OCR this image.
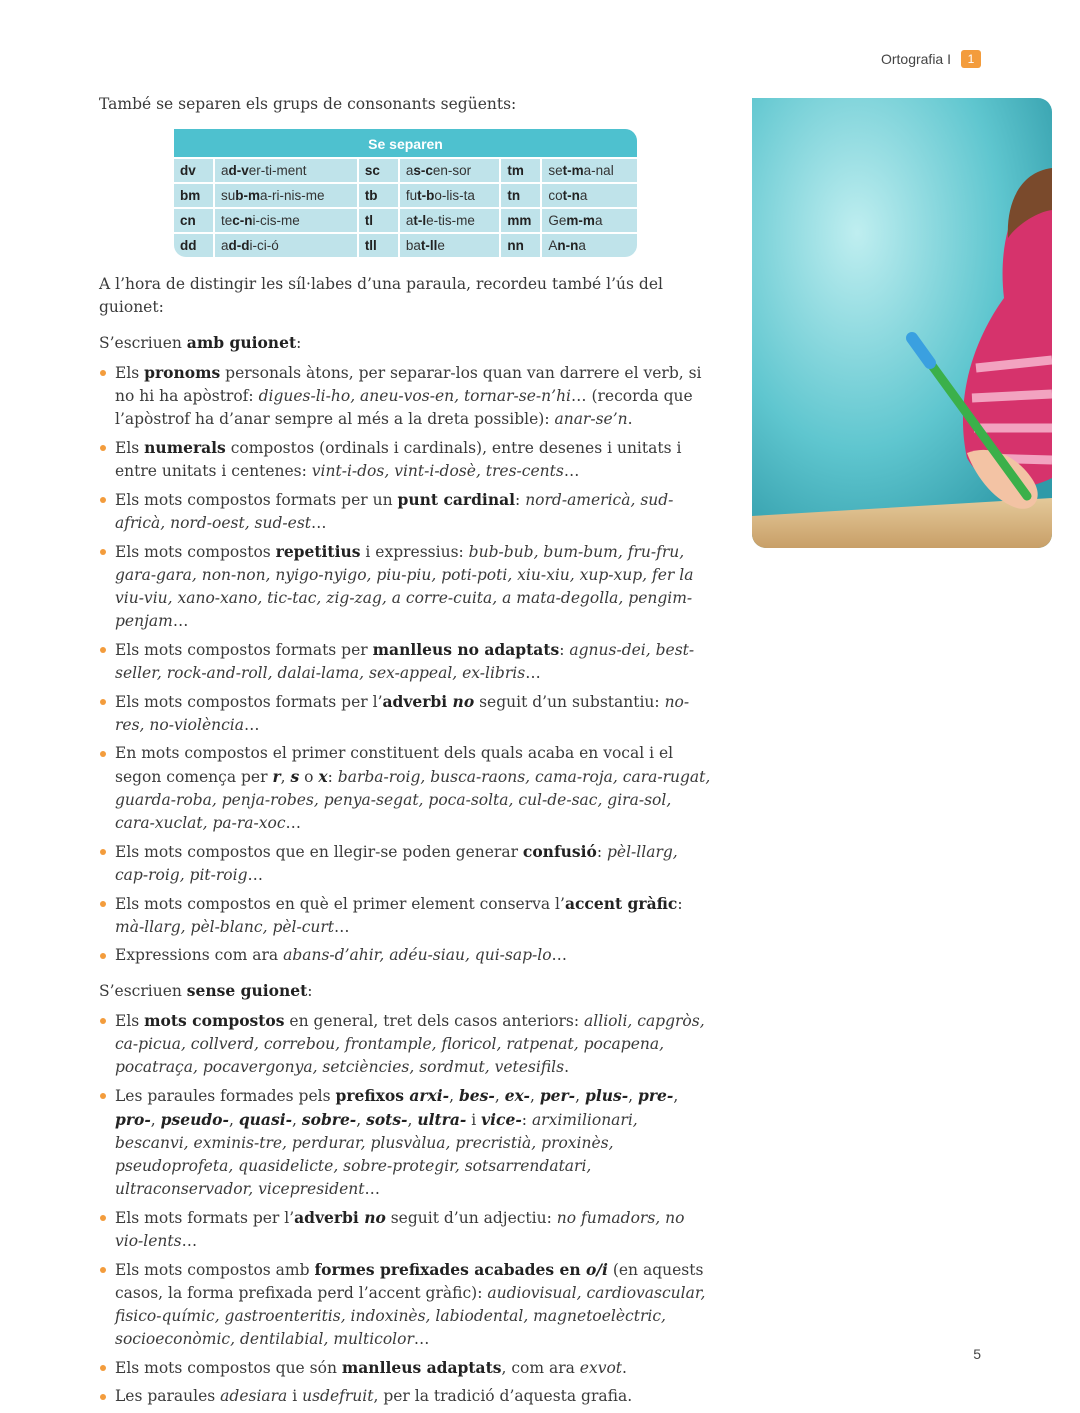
Ortografia I	1

També se separen els grups de consonants següents:

Se separen
dv	ad-ver-ti-ment	sc	as-cen-sor	tm	set-ma-nal
bm	sub-ma-ri-nis-me	tb	fut-bo-lis-ta	tn	cot-na
cn	tec-ni-cis-me	tl	at-le-tis-me	mm	Gem-ma
dd	ad-di-ci-ó	tll	bat-lle	nn	An-na

A l’hora de distingir les síl·labes d’una paraula, recordeu també l’ús del guionet:

S’escriuen amb guionet:

Els pronoms personals àtons, per separar-los quan van darrere el verb, si no hi ha apòstrof: digues-li-ho, aneu-vos-en, tornar-se-n’hi… (recorda que l’apòstrof ha d’anar sempre al més a la dreta possible): anar-se’n.
Els numerals compostos (ordinals i cardinals), entre desenes i unitats i entre unitats i centenes: vint-i-dos, vint-i-dosè, tres-cents…
Els mots compostos formats per un punt cardinal: nord-americà, sud-africà, nord-oest, sud-est…
Els mots compostos repetitius i expressius: bub-bub, bum-bum, fru-fru, gara-gara, non-non, nyigo-nyigo, piu-piu, poti-poti, xiu-xiu, xup-xup, fer la viu-viu, xano-xano, tic-tac, zig-zag, a corre-cuita, a mata-degolla, pengim-penjam…
Els mots compostos formats per manlleus no adaptats: agnus-dei, best-seller, rock-and-roll, dalai-lama, sex-appeal, ex-libris…
Els mots compostos formats per l’adverbi no seguit d’un substantiu: no-res, no-violència…
En mots compostos el primer constituent dels quals acaba en vocal i el segon comença per r, s o x: barba-roig, busca-raons, cama-roja, cara-rugat, guarda-roba, penja-robes, penya-segat, poca-solta, cul-de-sac, gira-sol, cara-xuclat, pa-ra-xoc…
Els mots compostos que en llegir-se poden generar confusió: pèl-llarg, cap-roig, pit-roig…
Els mots compostos en què el primer element conserva l’accent gràfic: mà-llarg, pèl-blanc, pèl-curt…
Expressions com ara abans-d’ahir, adéu-siau, qui-sap-lo…

S’escriuen sense guionet:

Els mots compostos en general, tret dels casos anteriors: allioli, capgròs, ca-picua, collverd, correbou, frontample, floricol, ratpenat, pocapena, pocatraça, pocavergonya, setciències, sordmut, vetesifils.
Les paraules formades pels prefixos arxi-, bes-, ex-, per-, plus-, pre-, pro-, pseudo-, quasi-, sobre-, sots-, ultra- i vice-: arximilionari, bescanvi, exminis-tre, perdurar, plusvàlua, precristià, proxinès, pseudoprofeta, quasidelicte, sobre-protegir, sotsarrendatari, ultraconservador, vicepresident…
Els mots formats per l’adverbi no seguit d’un adjectiu: no fumadors, no vio-lents…
Els mots compostos amb formes prefixades acabades en o/i (en aquests casos, la forma prefixada perd l’accent gràfic): audiovisual, cardiovascular, fisico-químic, gastroenteritis, indoxinès, labiodental, magnetoelèctric, socioeconòmic, dentilabial, multicolor…
Els mots compostos que són manlleus adaptats, com ara exvot.
Les paraules adesiara i usdefruit, per la tradició d’aquesta grafia.
5
